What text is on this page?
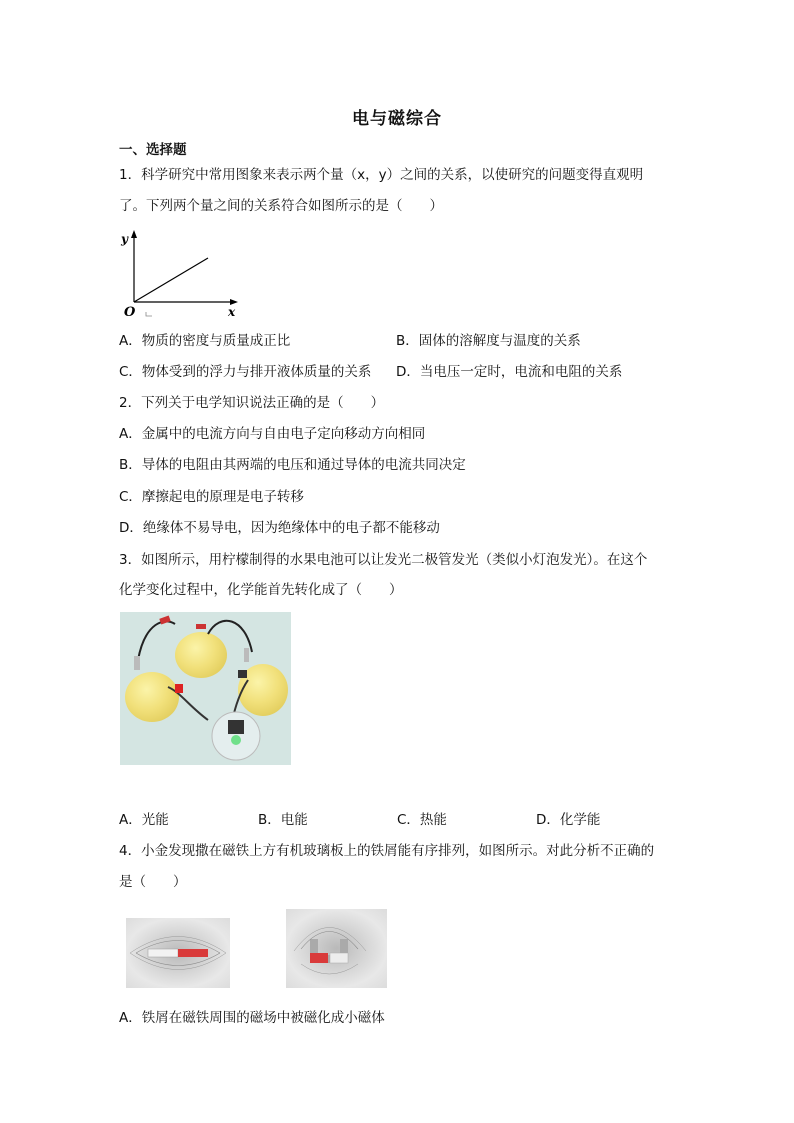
电与磁综合
一、选择题
1．科学研究中常用图象来表示两个量（x，y）之间的关系，以使研究的问题变得直观明
了。下列两个量之间的关系符合如图所示的是（　　）
y
x
O
A．物质的密度与质量成正比	B．固体的溶解度与温度的关系
C．物体受到的浮力与排开液体质量的关系 D．当电压一定时，电流和电阻的关系
2．下列关于电学知识说法正确的是（　　）
A．金属中的电流方向与自由电子定向移动方向相同
B．导体的电阻由其两端的电压和通过导体的电流共同决定
C．摩擦起电的原理是电子转移
D．绝缘体不易导电，因为绝缘体中的电子都不能移动
3．如图所示，用柠檬制得的水果电池可以让发光二极管发光（类似小灯泡发光）。在这个
化学变化过程中，化学能首先转化成了（　　）
A．光能	B．电能	C．热能	D．化学能
4．小金发现撒在磁铁上方有机玻璃板上的铁屑能有序排列，如图所示。对此分析不正确的
是（　　）
A．铁屑在磁铁周围的磁场中被磁化成小磁体
